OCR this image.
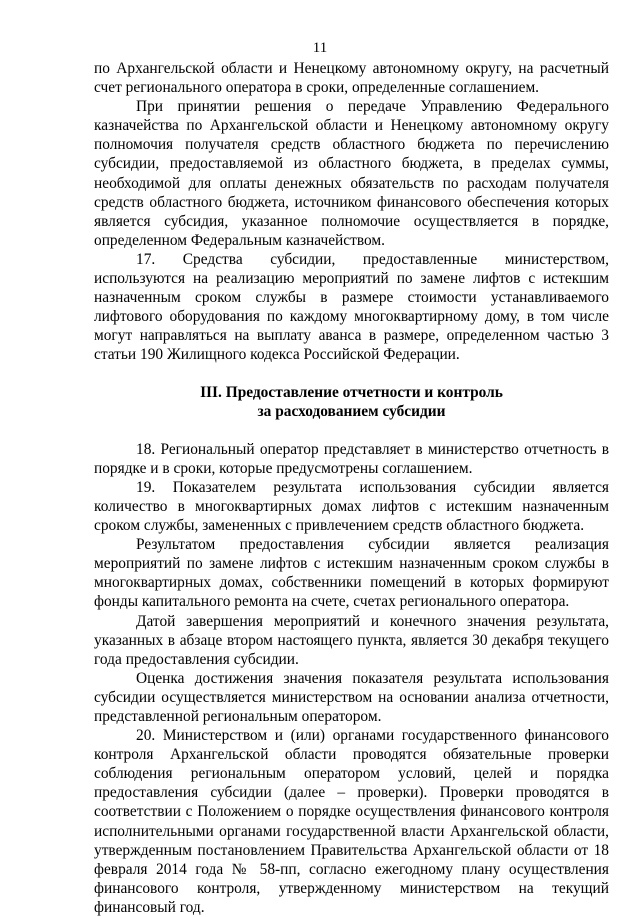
11

по Архангельской области и Ненецкому автономному округу, на расчетный счет регионального оператора в сроки, определенные соглашением.

При принятии решения о передаче Управлению Федерального казначейства по Архангельской области и Ненецкому автономному округу полномочия получателя средств областного бюджета по перечислению субсидии, предоставляемой из областного бюджета, в пределах суммы, необходимой для оплаты денежных обязательств по расходам получателя средств областного бюджета, источником финансового обеспечения которых является субсидия, указанное полномочие осуществляется в порядке, определенном Федеральным казначейством.

17. Средства субсидии, предоставленные министерством, используются на реализацию мероприятий по замене лифтов с истекшим назначенным сроком службы в размере стоимости устанавливаемого лифтового оборудования по каждому многоквартирному дому, в том числе могут направляться на выплату аванса в размере, определенном частью 3 статьи 190 Жилищного кодекса Российской Федерации.

III. Предоставление отчетности и контроль
за расходованием субсидии

18. Региональный оператор представляет в министерство отчетность в порядке и в сроки, которые предусмотрены соглашением.

19. Показателем результата использования субсидии является количество в многоквартирных домах лифтов с истекшим назначенным сроком службы, замененных с привлечением средств областного бюджета.

Результатом предоставления субсидии является реализация мероприятий по замене лифтов с истекшим назначенным сроком службы в многоквартирных домах, собственники помещений в которых формируют фонды капитального ремонта на счете, счетах регионального оператора.

Датой завершения мероприятий и конечного значения результата, указанных в абзаце втором настоящего пункта, является 30 декабря текущего года предоставления субсидии.

Оценка достижения значения показателя результата использования субсидии осуществляется министерством на основании анализа отчетности, представленной региональным оператором.

20. Министерством и (или) органами государственного финансового контроля Архангельской области проводятся обязательные проверки соблюдения региональным оператором условий, целей и порядка предоставления субсидии (далее – проверки). Проверки проводятся в соответствии с Положением о порядке осуществления финансового контроля исполнительными органами государственной власти Архангельской области, утвержденным постановлением Правительства Архангельской области от 18 февраля 2014 года № 58-пп, согласно ежегодному плану осуществления финансового контроля, утвержденному министерством на текущий финансовый год.
